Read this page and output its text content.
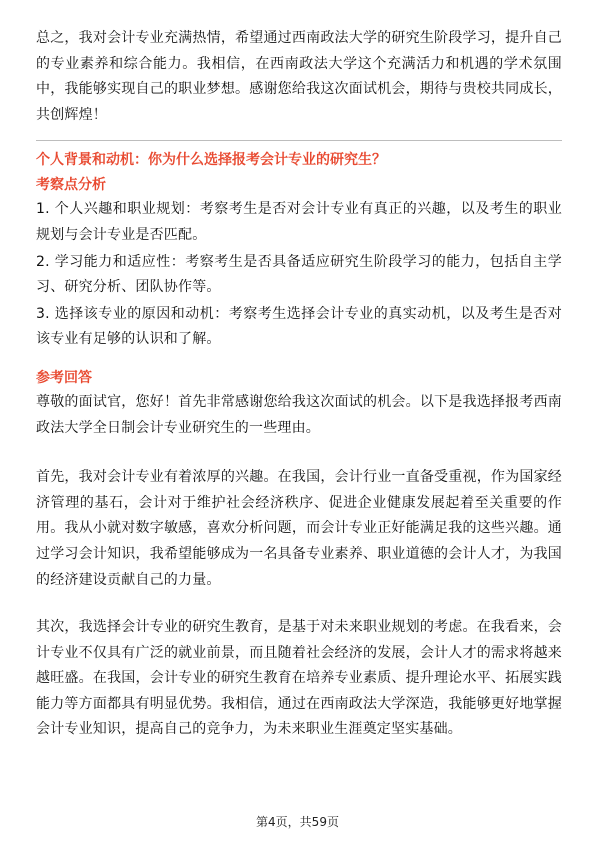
总之，我对会计专业充满热情，希望通过西南政法大学的研究生阶段学习，提升自己的专业素养和综合能力。我相信，在西南政法大学这个充满活力和机遇的学术氛围中，我能够实现自己的职业梦想。感谢您给我这次面试机会，期待与贵校共同成长，共创辉煌！

个人背景和动机：你为什么选择报考会计专业的研究生？
考察点分析

1. 个人兴趣和职业规划：考察考生是否对会计专业有真正的兴趣，以及考生的职业规划与会计专业是否匹配。

2. 学习能力和适应性：考察考生是否具备适应研究生阶段学习的能力，包括自主学习、研究分析、团队协作等。

3. 选择该专业的原因和动机：考察考生选择会计专业的真实动机，以及考生是否对该专业有足够的认识和了解。

参考回答

尊敬的面试官，您好！首先非常感谢您给我这次面试的机会。以下是我选择报考西南政法大学全日制会计专业研究生的一些理由。

首先，我对会计专业有着浓厚的兴趣。在我国，会计行业一直备受重视，作为国家经济管理的基石，会计对于维护社会经济秩序、促进企业健康发展起着至关重要的作用。我从小就对数字敏感，喜欢分析问题，而会计专业正好能满足我的这些兴趣。通过学习会计知识，我希望能够成为一名具备专业素养、职业道德的会计人才，为我国的经济建设贡献自己的力量。

其次，我选择会计专业的研究生教育，是基于对未来职业规划的考虑。在我看来，会计专业不仅具有广泛的就业前景，而且随着社会经济的发展，会计人才的需求将越来越旺盛。在我国，会计专业的研究生教育在培养专业素质、提升理论水平、拓展实践能力等方面都具有明显优势。我相信，通过在西南政法大学深造，我能够更好地掌握会计专业知识，提高自己的竞争力，为未来职业生涯奠定坚实基础。

第4页，共59页
